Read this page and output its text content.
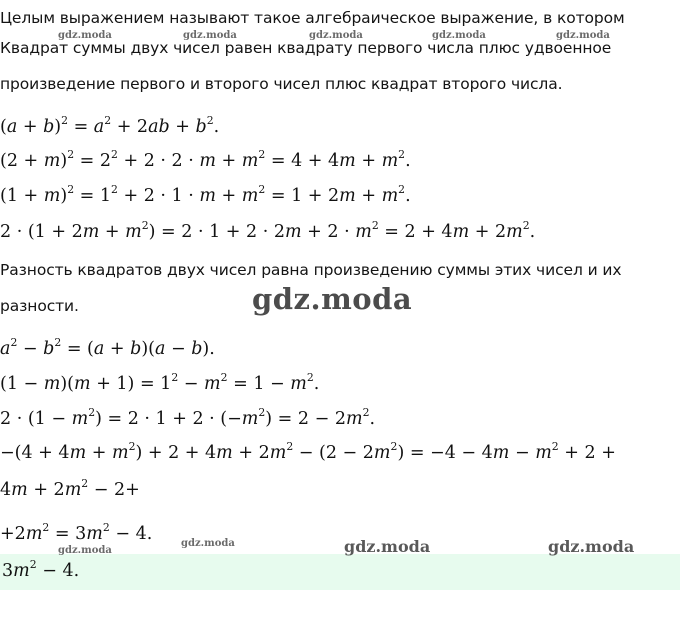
Целым выражением называют такое алгебраическое выражение, в котором
Квадрат суммы двух чисел равен квадрату первого числа плюс удвоенное
произведение первого и второго чисел плюс квадрат второго числа.
$(a + b)^2 = a^2 + 2ab + b^2$.
$(2 + m)^2 = 2^2 + 2 \cdot 2 \cdot m + m^2 = 4 + 4m + m^2$.
$(1 + m)^2 = 1^2 + 2 \cdot 1 \cdot m + m^2 = 1 + 2m + m^2$.
$2 \cdot (1 + 2m + m^2) = 2 \cdot 1 + 2 \cdot 2m + 2 \cdot m^2 = 2 + 4m + 2m^2$.
Разность квадратов двух чисел равна произведению суммы этих чисел и их
разности.
$a^2 - b^2 = (a + b)(a - b)$.
$(1 - m)(m + 1) = 1^2 - m^2 = 1 - m^2$.
$2 \cdot (1 - m^2) = 2 \cdot 1 + 2 \cdot (-m^2) = 2 - 2m^2$.
$-(4 + 4m + m^2) + 2 + 4m + 2m^2 - (2 - 2m^2) = -4 - 4m - m^2 + 2$ +
$4m + 2m^2 - 2+$
$+2m^2 = 3m^2 - 4$.
$3m^2 - 4$.
gdz.moda	gdz.moda	gdz.moda	gdz.moda	gdz.moda
gdz.moda
gdz.moda
gdz.moda	gdz.moda	gdz.moda
